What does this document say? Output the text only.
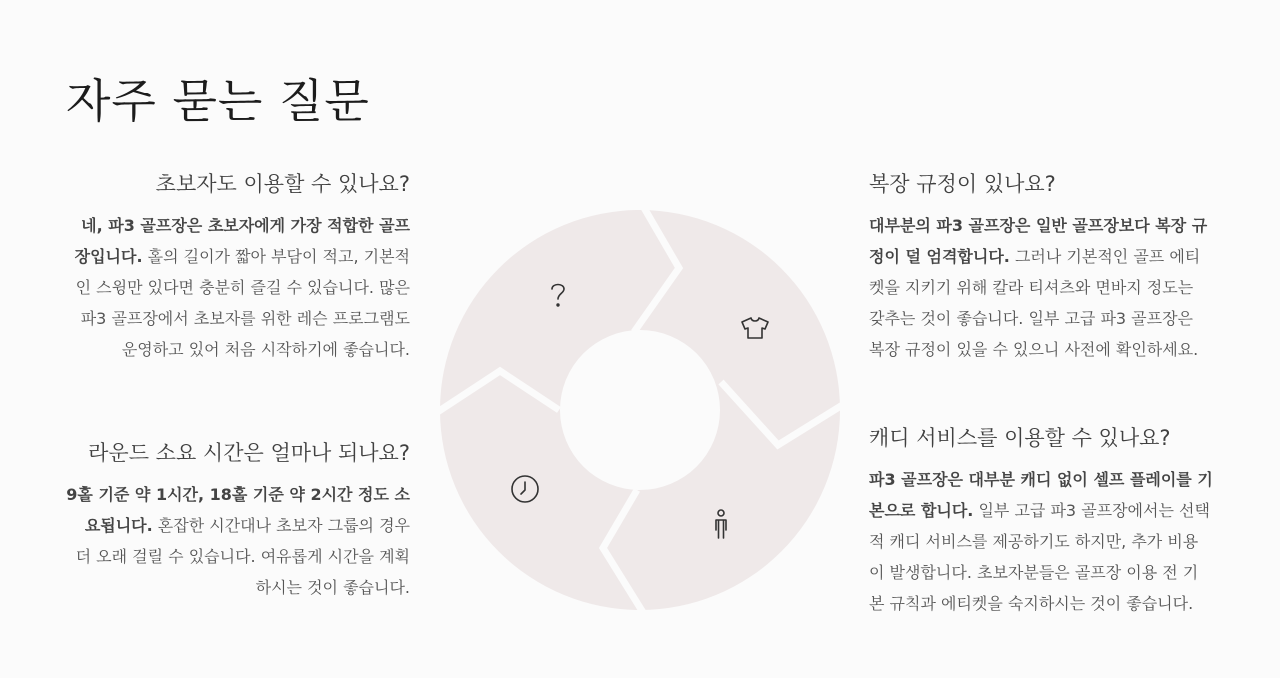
자주 묻는 질문
초보자도 이용할 수 있나요?

네, 파3 골프장은 초보자에게 가장 적합한 골프장입니다. 홀의 길이가 짧아 부담이 적고, 기본적인 스윙만 있다면 충분히 즐길 수 있습니다. 많은 파3 골프장에서 초보자를 위한 레슨 프로그램도 운영하고 있어 처음 시작하기에 좋습니다.

라운드 소요 시간은 얼마나 되나요?

9홀 기준 약 1시간, 18홀 기준 약 2시간 정도 소요됩니다. 혼잡한 시간대나 초보자 그룹의 경우 더 오래 걸릴 수 있습니다. 여유롭게 시간을 계획하시는 것이 좋습니다.

복장 규정이 있나요?

대부분의 파3 골프장은 일반 골프장보다 복장 규정이 덜 엄격합니다. 그러나 기본적인 골프 에티켓을 지키기 위해 칼라 티셔츠와 면바지 정도는 갖추는 것이 좋습니다. 일부 고급 파3 골프장은 복장 규정이 있을 수 있으니 사전에 확인하세요.

캐디 서비스를 이용할 수 있나요?

파3 골프장은 대부분 캐디 없이 셀프 플레이를 기본으로 합니다. 일부 고급 파3 골프장에서는 선택적 캐디 서비스를 제공하기도 하지만, 추가 비용이 발생합니다. 초보자분들은 골프장 이용 전 기본 규칙과 에티켓을 숙지하시는 것이 좋습니다.
